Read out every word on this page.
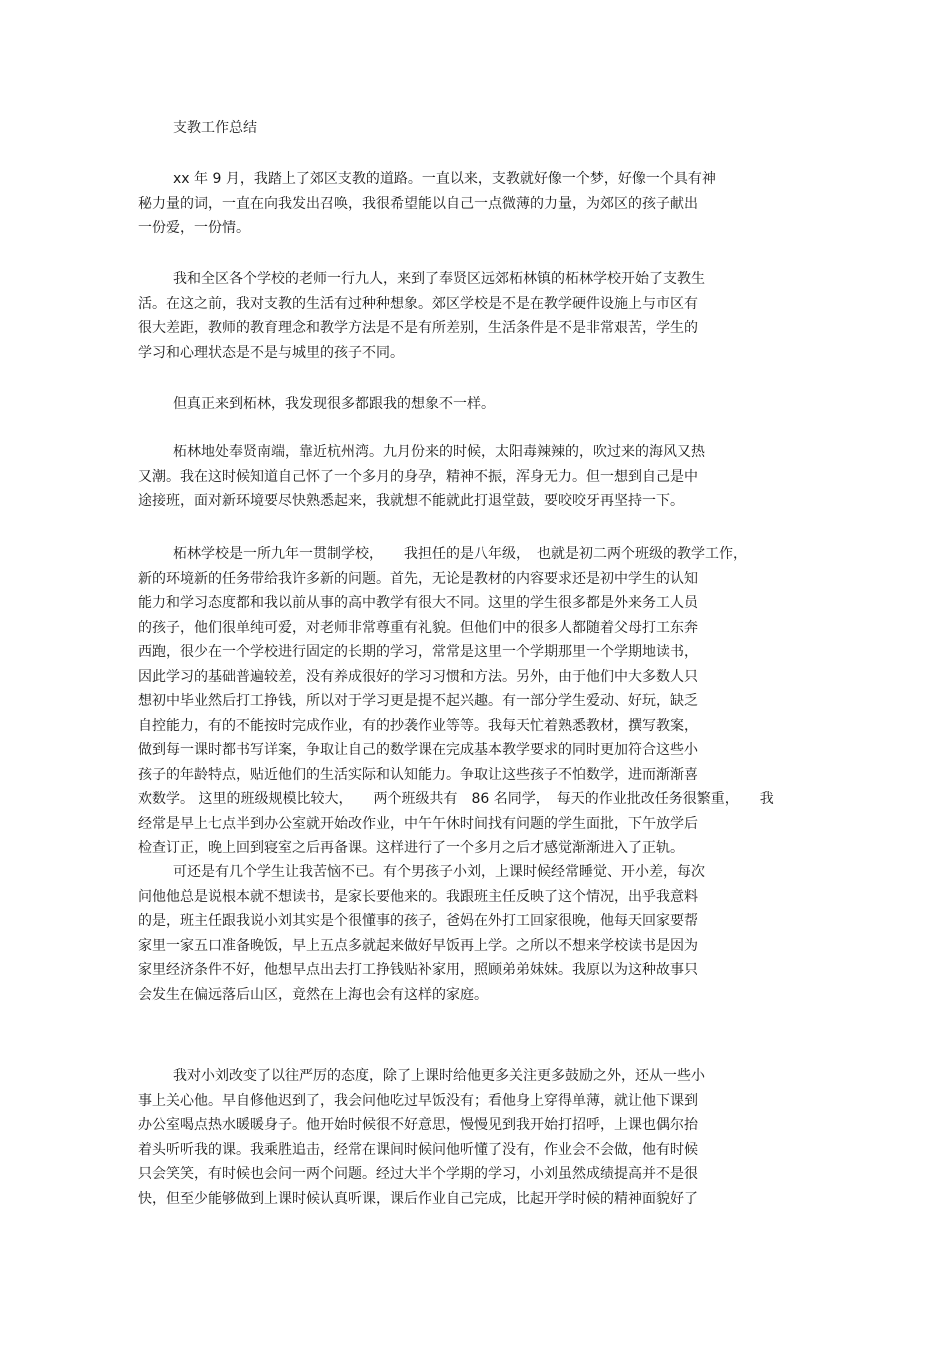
支教工作总结
xx 年 9 月，我踏上了郊区支教的道路。一直以来，支教就好像一个梦，好像一个具有神
秘力量的词，一直在向我发出召唤，我很希望能以自己一点微薄的力量，为郊区的孩子献出
一份爱，一份情。
我和全区各个学校的老师一行九人，来到了奉贤区远郊柘林镇的柘林学校开始了支教生
活。在这之前，我对支教的生活有过种种想象。郊区学校是不是在教学硬件设施上与市区有
很大差距，教师的教育理念和教学方法是不是有所差别，生活条件是不是非常艰苦，学生的
学习和心理状态是不是与城里的孩子不同。
但真正来到柘林，我发现很多都跟我的想象不一样。
柘林地处奉贤南端，靠近杭州湾。九月份来的时候，太阳毒辣辣的，吹过来的海风又热
又潮。我在这时候知道自己怀了一个多月的身孕，精神不振，浑身无力。但一想到自己是中
途接班，面对新环境要尽快熟悉起来，我就想不能就此打退堂鼓，要咬咬牙再坚持一下。
柘林学校是一所九年一贯制学校，　　我担任的是八年级，　也就是初二两个班级的教学工作，
新的环境新的任务带给我许多新的问题。首先，无论是教材的内容要求还是初中学生的认知
能力和学习态度都和我以前从事的高中教学有很大不同。这里的学生很多都是外来务工人员
的孩子，他们很单纯可爱，对老师非常尊重有礼貌。但他们中的很多人都随着父母打工东奔
西跑，很少在一个学校进行固定的长期的学习，常常是这里一个学期那里一个学期地读书，
因此学习的基础普遍较差，没有养成很好的学习习惯和方法。另外，由于他们中大多数人只
想初中毕业然后打工挣钱，所以对于学习更是提不起兴趣。有一部分学生爱动、好玩，缺乏
自控能力，有的不能按时完成作业，有的抄袭作业等等。我每天忙着熟悉教材，撰写教案，
做到每一课时都书写详案，争取让自己的数学课在完成基本教学要求的同时更加符合这些小
孩子的年龄特点，贴近他们的生活实际和认知能力。争取让这些孩子不怕数学，进而渐渐喜
欢数学。 这里的班级规模比较大，　　两个班级共有　86 名同学，　每天的作业批改任务很繁重，　　我
经常是早上七点半到办公室就开始改作业，中午午休时间找有问题的学生面批，下午放学后
检查订正，晚上回到寝室之后再备课。这样进行了一个多月之后才感觉渐渐进入了正轨。
可还是有几个学生让我苦恼不已。有个男孩子小刘，上课时候经常睡觉、开小差，每次
问他他总是说根本就不想读书，是家长要他来的。我跟班主任反映了这个情况，出乎我意料
的是，班主任跟我说小刘其实是个很懂事的孩子，爸妈在外打工回家很晚，他每天回家要帮
家里一家五口准备晚饭，早上五点多就起来做好早饭再上学。之所以不想来学校读书是因为
家里经济条件不好，他想早点出去打工挣钱贴补家用，照顾弟弟妹妹。我原以为这种故事只
会发生在偏远落后山区，竟然在上海也会有这样的家庭。
我对小刘改变了以往严厉的态度，除了上课时给他更多关注更多鼓励之外，还从一些小
事上关心他。早自修他迟到了，我会问他吃过早饭没有；看他身上穿得单薄，就让他下课到
办公室喝点热水暖暖身子。他开始时候很不好意思，慢慢见到我开始打招呼，上课也偶尔抬
着头听听我的课。我乘胜追击，经常在课间时候问他听懂了没有，作业会不会做，他有时候
只会笑笑，有时候也会问一两个问题。经过大半个学期的学习，小刘虽然成绩提高并不是很
快，但至少能够做到上课时候认真听课，课后作业自己完成，比起开学时候的精神面貌好了
